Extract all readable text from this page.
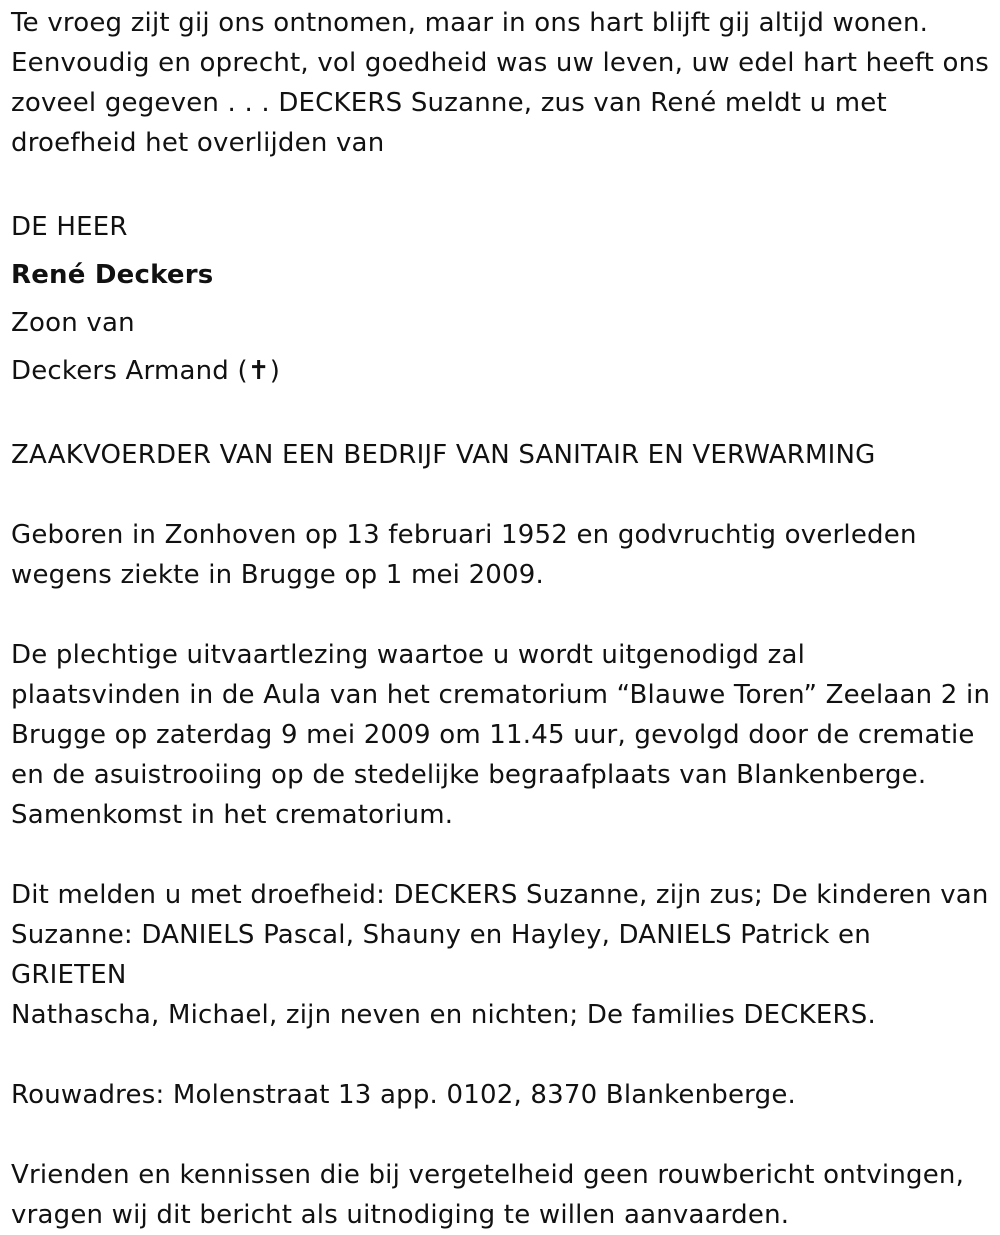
Te vroeg zijt gij ons ontnomen, maar in ons hart blijft gij altijd wonen.

Eenvoudig en oprecht, vol goedheid was uw leven, uw edel hart heeft ons

zoveel gegeven . . . DECKERS Suzanne, zus van René meldt u met

droefheid het overlijden van

DE HEER

René Deckers

Zoon van

Deckers Armand (✝)

ZAAKVOERDER VAN EEN BEDRIJF VAN SANITAIR EN VERWARMING

Geboren in Zonhoven op 13 februari 1952 en godvruchtig overleden

wegens ziekte in Brugge op 1 mei 2009.

De plechtige uitvaartlezing waartoe u wordt uitgenodigd zal

plaatsvinden in de Aula van het crematorium “Blauwe Toren” Zeelaan 2 in

Brugge op zaterdag 9 mei 2009 om 11.45 uur, gevolgd door de crematie

en de asuistrooiing op de stedelijke begraafplaats van Blankenberge.

Samenkomst in het crematorium.

Dit melden u met droefheid: DECKERS Suzanne, zijn zus; De kinderen van

Suzanne: DANIELS Pascal, Shauny en Hayley, DANIELS Patrick en GRIETEN

Nathascha, Michael, zijn neven en nichten; De families DECKERS.

Rouwadres: Molenstraat 13 app. 0102, 8370 Blankenberge.

Vrienden en kennissen die bij vergetelheid geen rouwbericht ontvingen,

vragen wij dit bericht als uitnodiging te willen aanvaarden.
